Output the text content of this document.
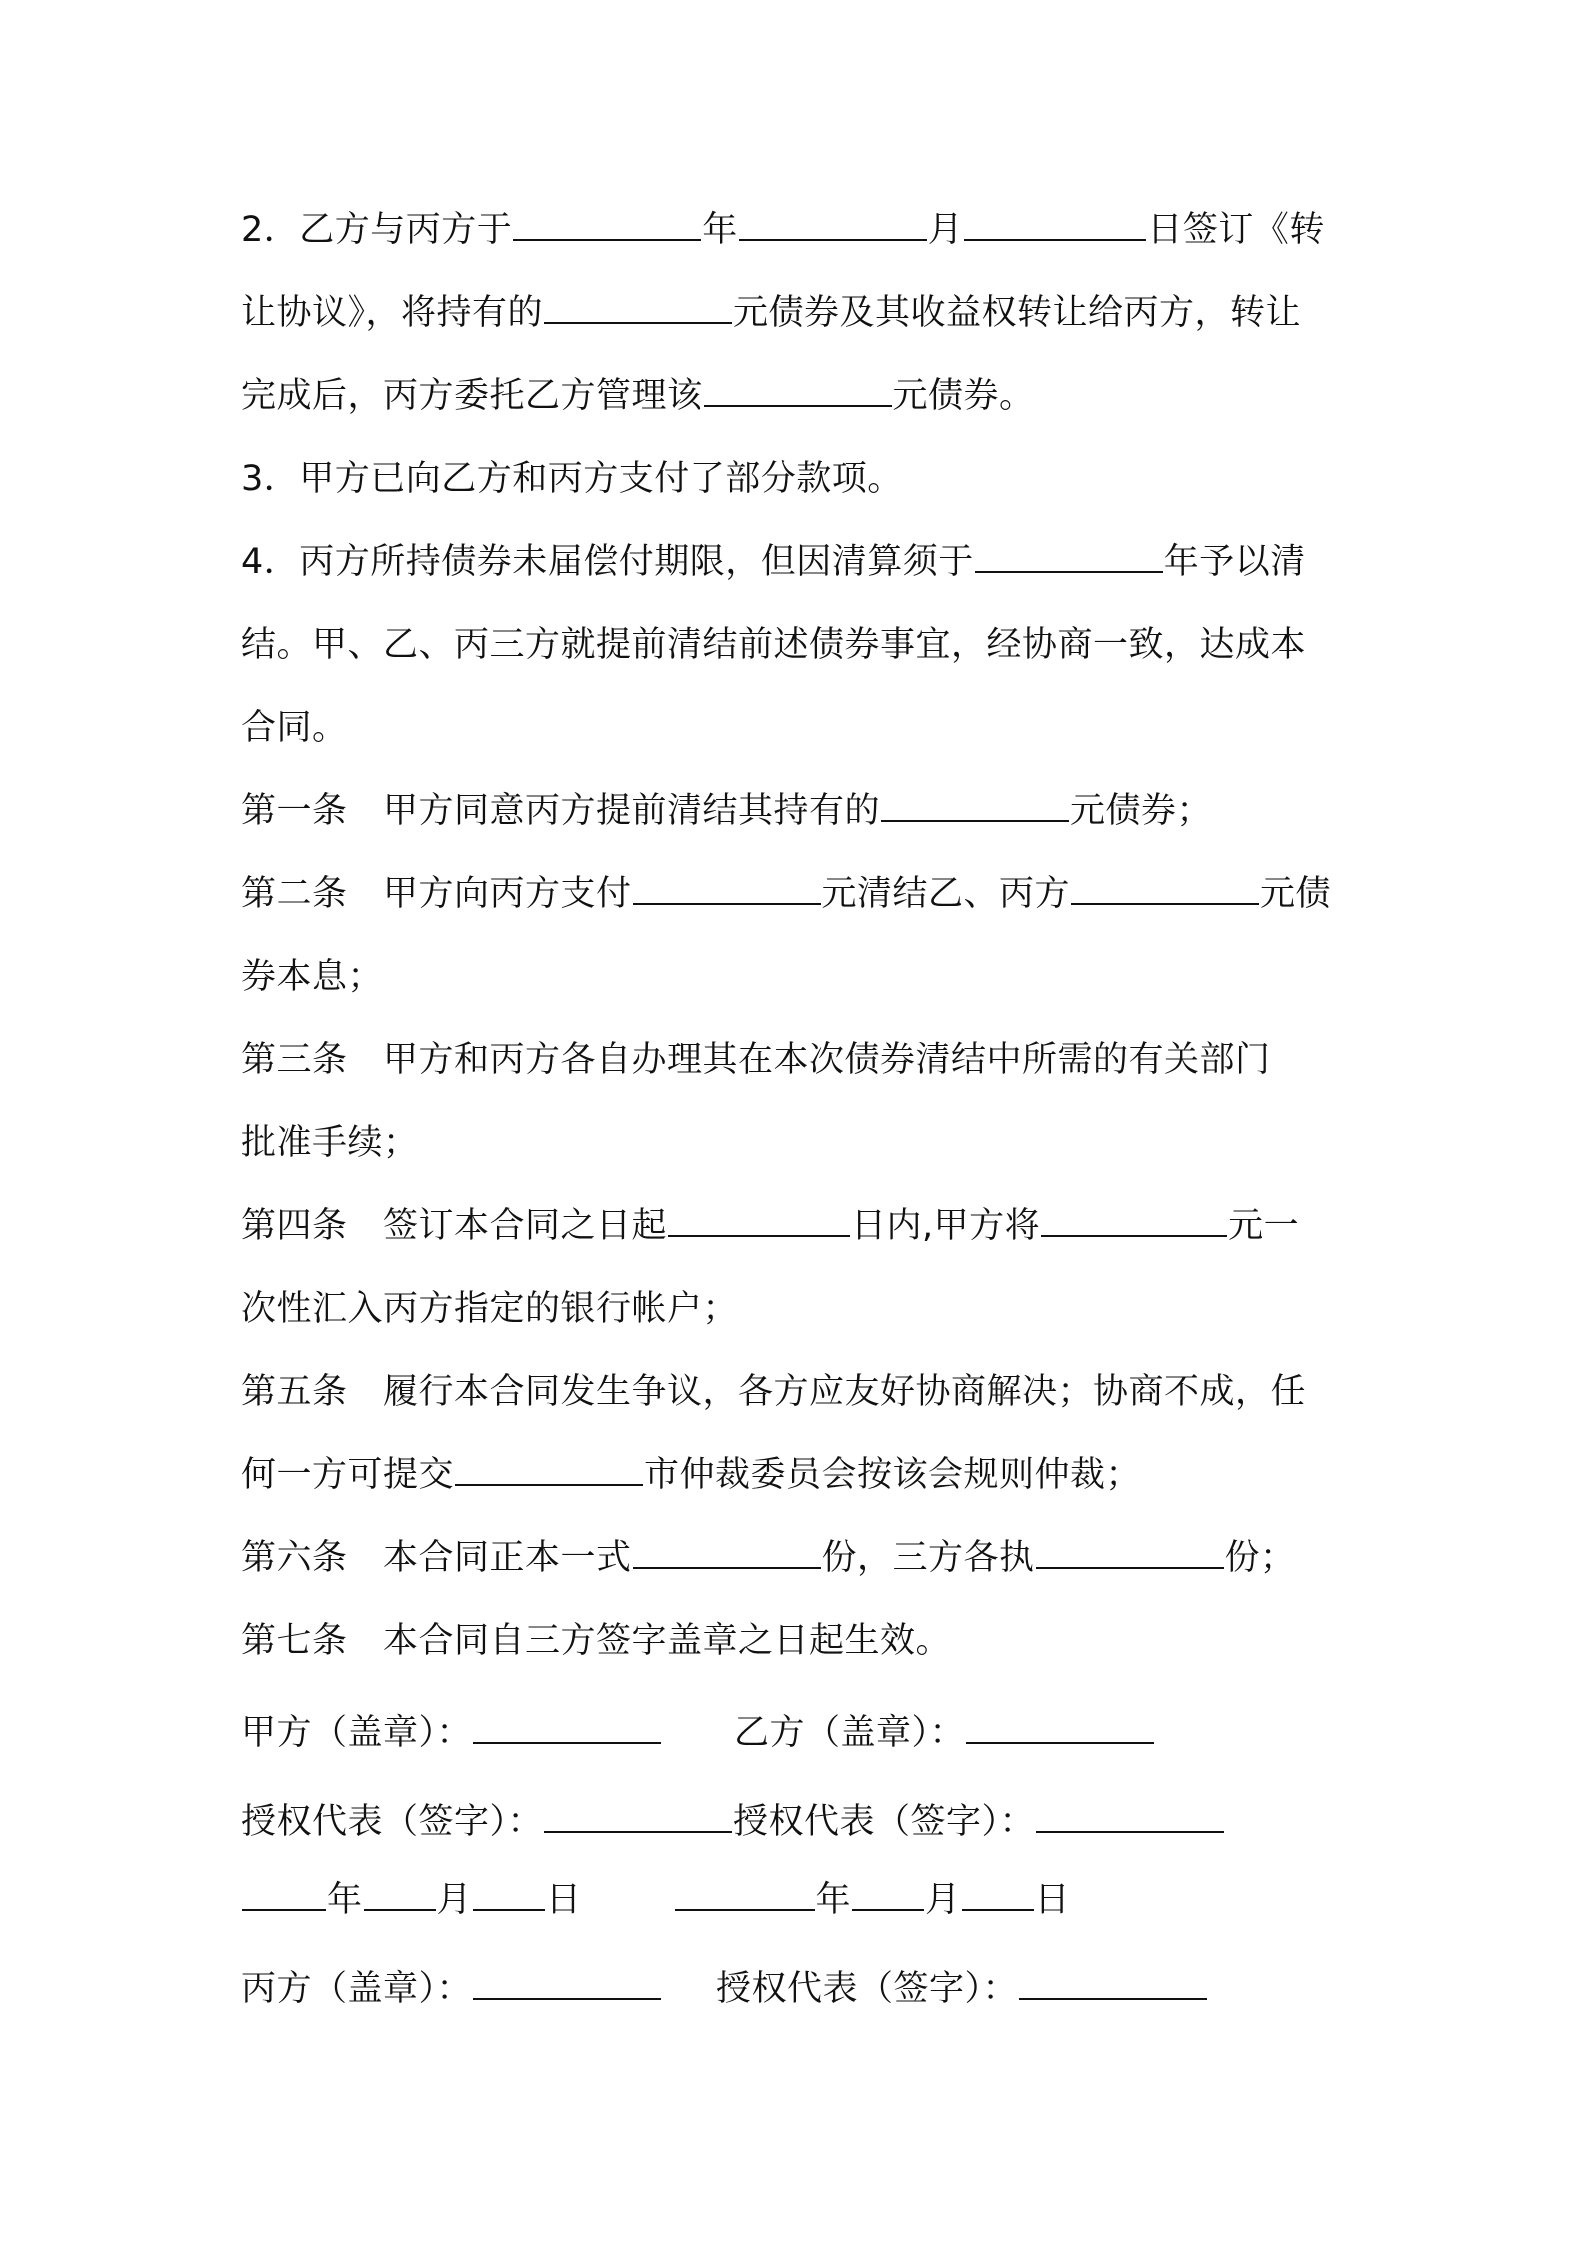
2．乙方与丙方于	年	月	日签订《转
让协议》，将持有的	元债券及其收益权转让给丙方，转让
完成后，丙方委托乙方管理该	元债券。
3．甲方已向乙方和丙方支付了部分款项。
4．丙方所持债券未届偿付期限，但因清算须于	年予以清
结。甲、乙、丙三方就提前清结前述债券事宜，经协商一致，达成本
合同。
第一条　甲方同意丙方提前清结其持有的	元债券；
第二条　甲方向丙方支付	元清结乙、丙方	元债
券本息；
第三条　甲方和丙方各自办理其在本次债券清结中所需的有关部门
批准手续；
第四条　签订本合同之日起	日内,甲方将	元一
次性汇入丙方指定的银行帐户；
第五条　履行本合同发生争议，各方应友好协商解决；协商不成，任
何一方可提交	市仲裁委员会按该会规则仲裁；
第六条　本合同正本一式	份，三方各执	份；
第七条　本合同自三方签字盖章之日起生效。
甲方（盖章）：	乙方（盖章）：
授权代表（签字）：	授权代表（签字）：
年 月 日	年 月 日
丙方（盖章）：	授权代表（签字）：
